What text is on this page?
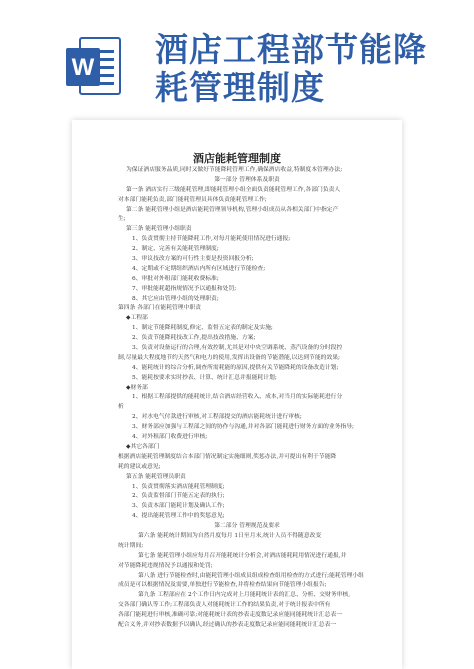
W 酒店工程部节能降
耗管理制度
酒店能耗管理制度
为保证酒店服务品质,同时又做好节能降耗管理工作,确保酒店收益,特制度本管理办法;
第一部分 管理体系及职责
第一条 酒店实行三级能耗管理,即能耗管理小组全面负责能耗管理工作,各部门负责人
对本部门能耗负责,部门能耗管理员具体负责能耗管理工作;
第二条 能耗管理小组是酒店能耗管理领导机构,管理小组成员从各相关部门中指定产
生;
第三条 能耗管理小组职责
1、负责贯彻主持节能降耗工作,对每月能耗使用情况进行通报;
2、制定、完善有关能耗管理制度;
3、审议技改方案的可行性主要是投资回报分析;
4、定期或不定期组织酒店内所有区域进行节能检查;
6、审批对外租部门能耗收费标准;
7、审批能耗超指规情况予以通报和处罚;
8、其它应由管理小组的处理职责;
第四条 各部门在能耗管理中职责
◆工程部
1、制定节能降耗制度,修定、监督五定表的制定及实施;
2、负责节能降耗技改工作,提出技改措施、方案;
3、负责对设备运行的合理,有效控制,尤其是对中央空调系统、蒸汽设备的分时段控
制,尽量最大程度地节约天然气和电力的使用,发挥出设备的节能潜能,以达到节能的效果;
4、能耗统计的综合分析,调查所需耗能的原因,提供有关节能降耗的设备改造计划;
5、能耗按要求实时抄表、计算、统计汇总并报能耗计划;
◆财务部
1、根据工程部提供的能耗统计,结合酒店经营收入、成本,对当月的实际能耗进行分
析
2、对水电气付款进行审核,对工程部提交的酒店能耗统计进行审核;
3、财务部应加强与工程部之间的协作与沟通,并对各部门能耗进行财务方面的业务指导;
4、对外租部门收费进行审核;
◆其它各部门
根据酒店能耗管理制度结合本部门情况制定实施细则,奖惩办法,并可提出有利于节能降
耗的建议或意见;
第五条 能耗管理员职责
1、负责贯彻落实酒店能耗管理制度;
2、负责监督部门节能五定表的执行;
3、负责本部门能耗计划及确认工作;
4、提出能耗管理工作中的奖惩意见;
第二部分 管理规范及要求
第六条 能耗统计期间为自然月度每月 1日至月末,统计人员不得随意改变
统计期间;
第七条 能耗管理小组应每月召开能耗统计分析会,对酒店能耗耗用情况进行通报,并
对节能降耗违规情况予以通报和处罚;
第八条 进行节能检查时,由能耗管理小组成员组成检查组用检查的方式进行;能耗管理小组
成员是可以根据情况及需要,单独进行节能检查,并将检查结果向节能管理小组报告;
第九条 工程部应在 2个工作日内完成对上月能耗统计表的汇总、分析、交财务审核,
交各部门确认等工作;工程部负责人对能耗统计工作的结果负责,对于统计报表中所有
各部门能耗进行审核,准确可靠;对能耗统计表的抄表走度数记录应能同能耗统计汇总表一
配合义务,并对抄表数据予以确认,经过确认的抄表走度数记录应能同能耗统计汇总表一
